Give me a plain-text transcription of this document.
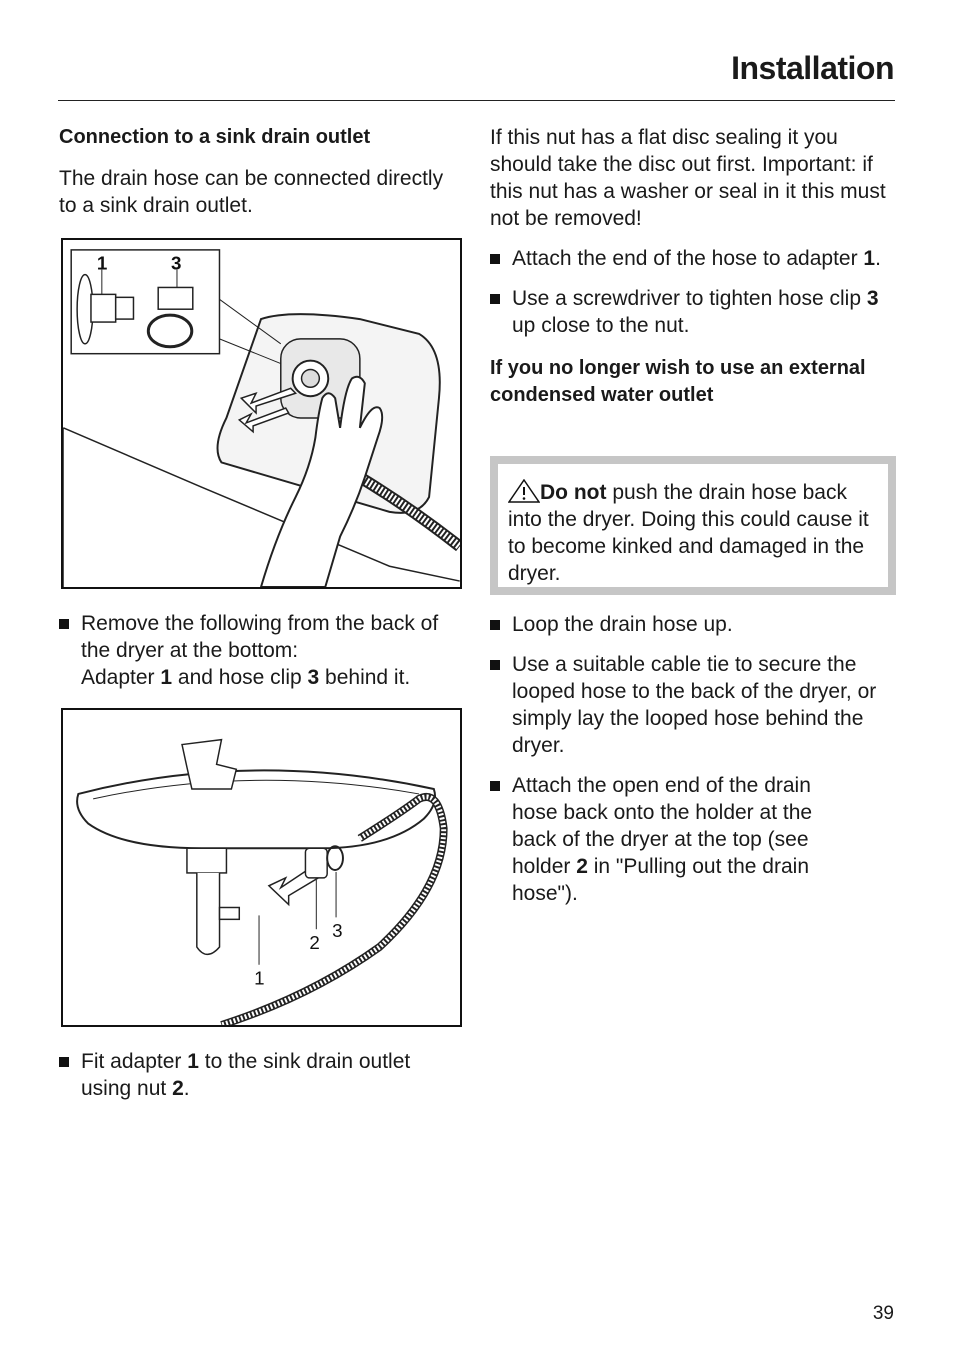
Installation
Connection to a sink drain outlet
The drain hose can be connected directly to a sink drain outlet.
1	3
Remove the following from the back of the dryer at the bottom:
Adapter 1 and hose clip 3 behind it.
2
3
1
Fit adapter 1 to the sink drain outlet using nut 2.
If this nut has a flat disc sealing it you should take the disc out first. Important: if this nut has a washer or seal in it this must not be removed!
Attach the end of the hose to adapter 1.
Use a screwdriver to tighten hose clip 3 up close to the nut.
If you no longer wish to use an external condensed water outlet
Do not push the drain hose back into the dryer. Doing this could cause it to become kinked and damaged in the dryer.
Loop the drain hose up.
Use a suitable cable tie to secure the looped hose to the back of the dryer, or simply lay the looped hose behind the dryer.
Attach the open end of the drain hose back onto the holder at the back of the dryer at the top (see holder 2 in "Pulling out the drain hose").
39
